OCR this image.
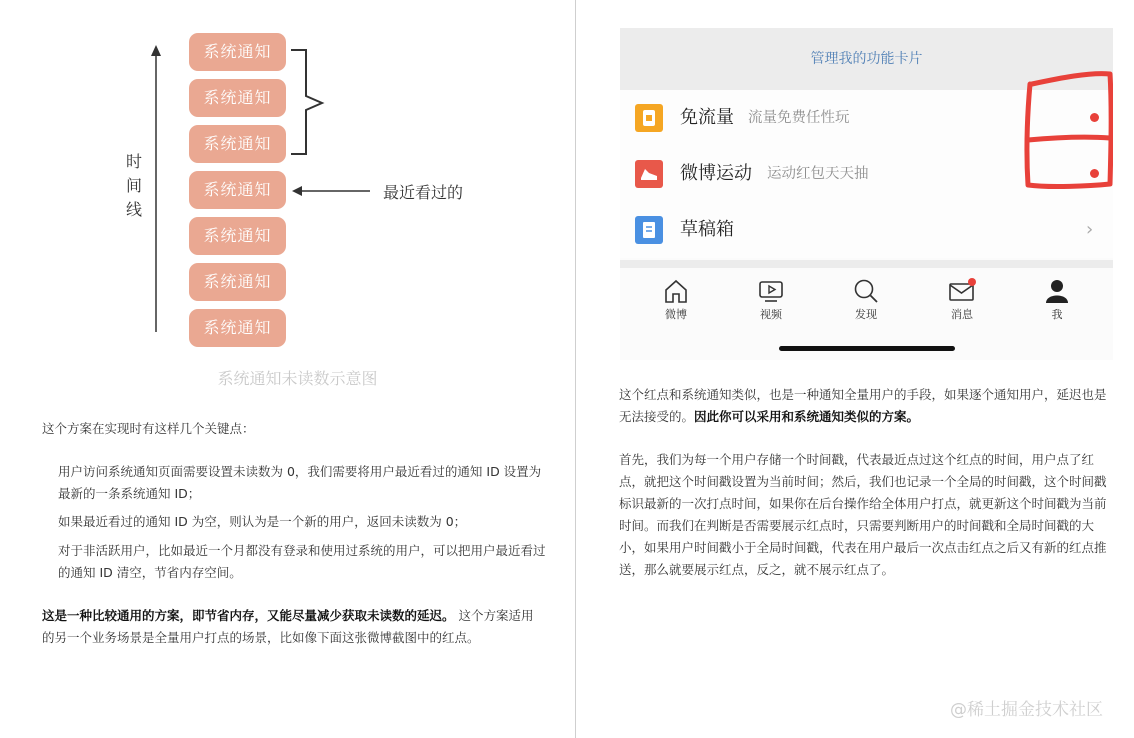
时
间
线
系统通知
系统通知
系统通知
系统通知
系统通知
系统通知
系统通知
最近看过的
系统通知未读数示意图
这个方案在实现时有这样几个关键点：
用户访问系统通知页面需要设置未读数为 0，我们需要将用户最近看过的通知 ID 设置为最新的一条系统通知 ID；
如果最近看过的通知 ID 为空，则认为是一个新的用户，返回未读数为 0；
对于非活跃用户，比如最近一个月都没有登录和使用过系统的用户，可以把用户最近看过的通知 ID 清空，节省内存空间。
这是一种比较通用的方案，即节省内存，又能尽量减少获取未读数的延迟。 这个方案适用的另一个业务场景是全量用户打点的场景，比如像下面这张微博截图中的红点。
管理我的功能卡片
免流量 流量免费任性玩
微博运动 运动红包天天抽
草稿箱	›
微博	视频	发现	消息	我
这个红点和系统通知类似，也是一种通知全量用户的手段，如果逐个通知用户，延迟也是无法接受的。因此你可以采用和系统通知类似的方案。
首先，我们为每一个用户存储一个时间戳，代表最近点过这个红点的时间，用户点了红点，就把这个时间戳设置为当前时间；然后，我们也记录一个全局的时间戳，这个时间戳标识最新的一次打点时间，如果你在后台操作给全体用户打点，就更新这个时间戳为当前时间。而我们在判断是否需要展示红点时，只需要判断用户的时间戳和全局时间戳的大小，如果用户时间戳小于全局时间戳，代表在用户最后一次点击红点之后又有新的红点推送，那么就要展示红点，反之，就不展示红点了。
@稀土掘金技术社区
